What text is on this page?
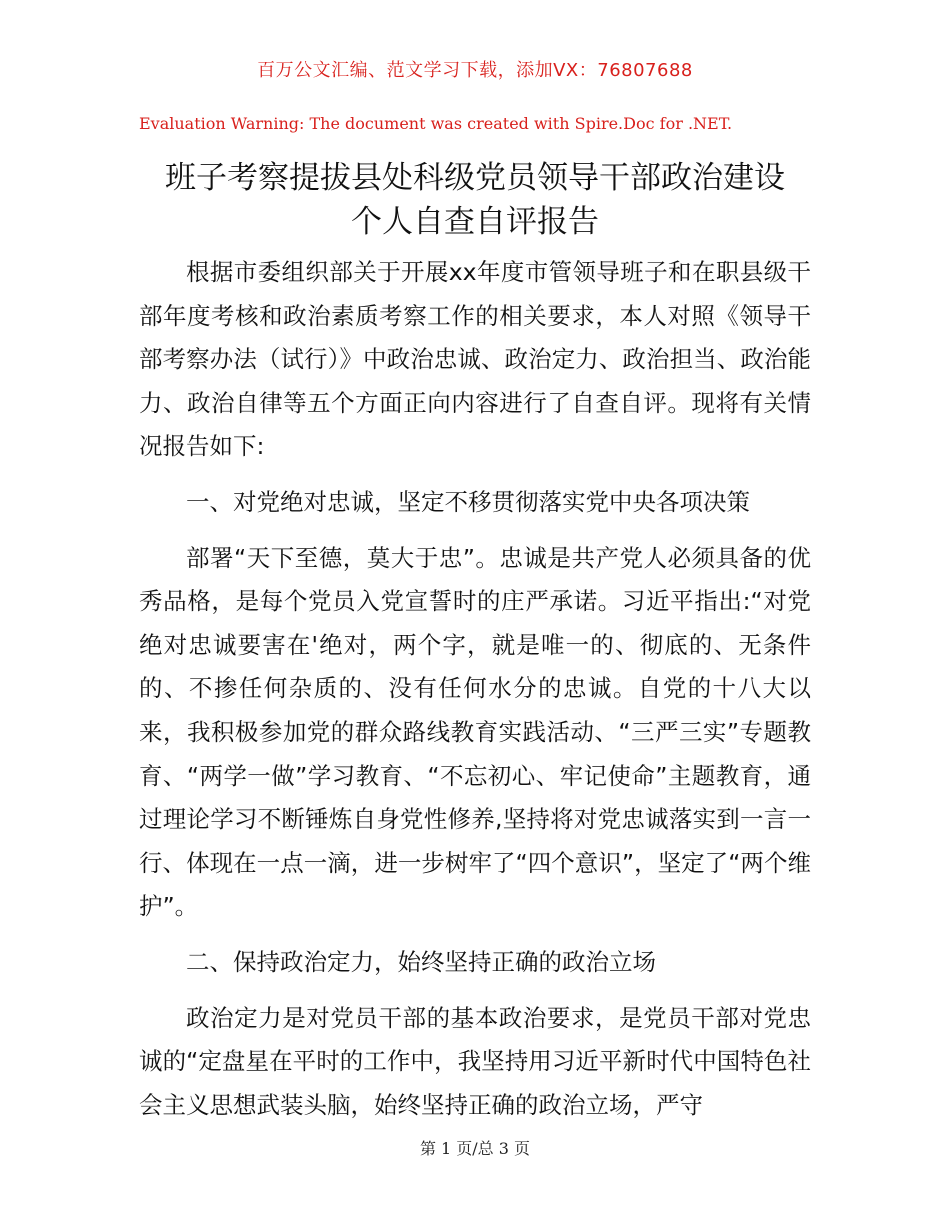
百万公文汇编、范文学习下载，添加VX：76807688
Evaluation Warning: The document was created with Spire.Doc for .NET.
班子考察提拔县处科级党员领导干部政治建设
个人自查自评报告

根据市委组织部关于开展xx年度市管领导班子和在职县级干部年度考核和政治素质考察工作的相关要求，本人对照《领导干部考察办法（试行）》中政治忠诚、政治定力、政治担当、政治能力、政治自律等五个方面正向内容进行了自查自评。现将有关情况报告如下:

一、对党绝对忠诚，坚定不移贯彻落实党中央各项决策

部署“天下至德，莫大于忠”。忠诚是共产党人必须具备的优秀品格，是每个党员入党宣誓时的庄严承诺。习近平指出:“对党绝对忠诚要害在'绝对，两个字，就是唯一的、彻底的、无条件的、不掺任何杂质的、没有任何水分的忠诚。自党的十八大以来，我积极参加党的群众路线教育实践活动、“三严三实”专题教育、“两学一做”学习教育、“不忘初心、牢记使命”主题教育，通过理论学习不断锤炼自身党性修养,坚持将对党忠诚落实到一言一行、体现在一点一滴，进一步树牢了“四个意识”，坚定了“两个维护”。

二、保持政治定力，始终坚持正确的政治立场

政治定力是对党员干部的基本政治要求，是党员干部对党忠诚的“定盘星在平时的工作中，我坚持用习近平新时代中国特色社会主义思想武装头脑，始终坚持正确的政治立场，严守

第 1 页/总 3 页
